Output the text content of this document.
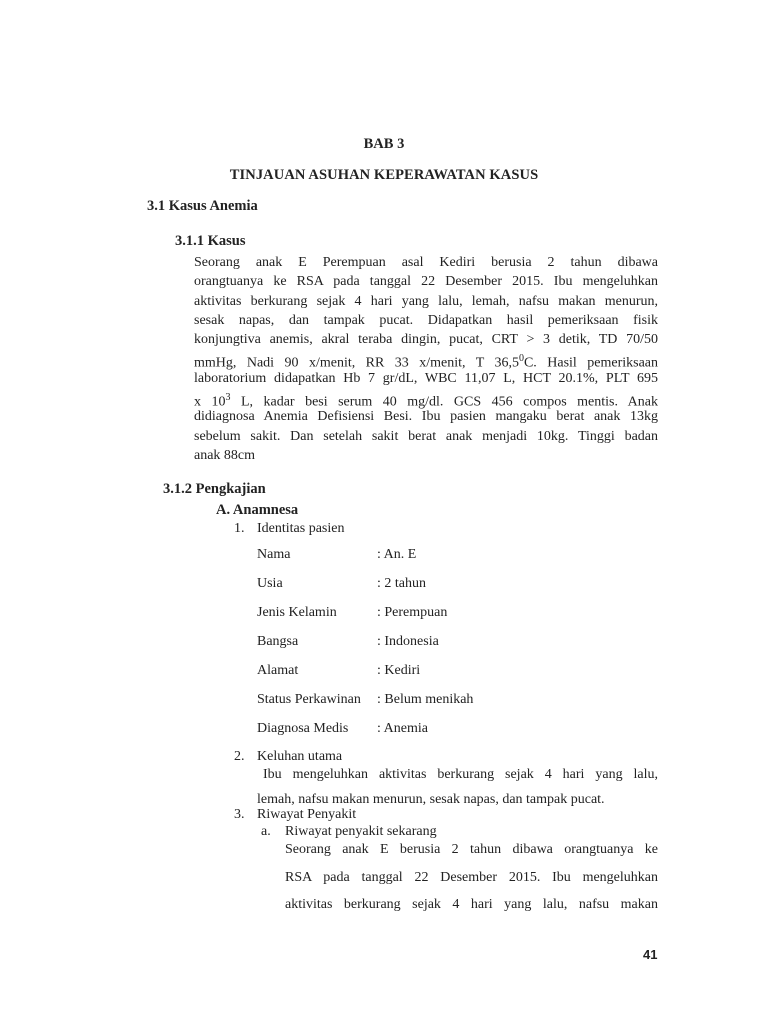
BAB 3
TINJAUAN ASUHAN KEPERAWATAN KASUS
3.1 Kasus Anemia
3.1.1 Kasus
Seorang anak E Perempuan asal Kediri berusia 2 tahun dibawa
orangtuanya ke RSA pada tanggal 22 Desember 2015. Ibu mengeluhkan
aktivitas berkurang sejak 4 hari yang lalu, lemah, nafsu makan menurun,
sesak napas, dan tampak pucat. Didapatkan hasil pemeriksaan fisik
konjungtiva anemis, akral teraba dingin, pucat, CRT > 3 detik, TD 70/50
mmHg, Nadi 90 x/menit, RR 33 x/menit, T 36,5$^0$C. Hasil pemeriksaan
laboratorium didapatkan Hb 7 gr/dL, WBC 11,07 L, HCT 20.1%, PLT 695
x $10^3$ L, kadar besi serum 40 mg/dl. GCS 456 compos mentis. Anak
didiagnosa Anemia Defisiensi Besi. Ibu pasien mangaku berat anak 13kg
sebelum sakit. Dan setelah sakit berat anak menjadi 10kg. Tinggi badan
anak 88cm
3.1.2 Pengkajian
A. Anamnesa
1. Identitas pasien
Nama	: An. E
Usia	: 2 tahun
Jenis Kelamin	: Perempuan
Bangsa	: Indonesia
Alamat	: Kediri
Status Perkawinan : Belum menikah
Diagnosa Medis : Anemia
2. Keluhan utama
Ibu mengeluhkan aktivitas berkurang sejak 4 hari yang lalu,
lemah, nafsu makan menurun, sesak napas, dan tampak pucat.
3. Riwayat Penyakit
a. Riwayat penyakit sekarang
Seorang anak E berusia 2 tahun dibawa orangtuanya ke
RSA pada tanggal 22 Desember 2015. Ibu mengeluhkan
aktivitas berkurang sejak 4 hari yang lalu, nafsu makan
41
